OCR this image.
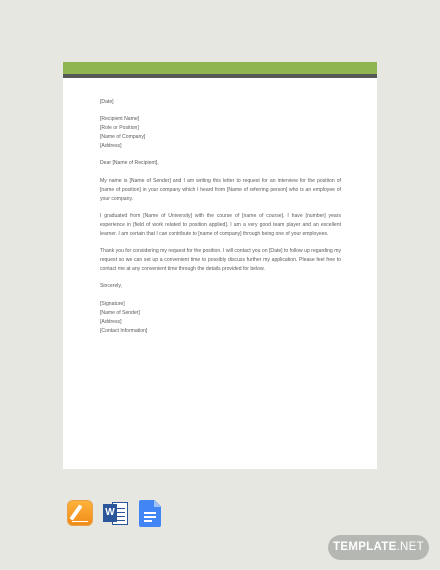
[Date]
[Recipient Name]
[Role or Position]
[Name of Company]
[Address]
Dear [Name of Recipient],
My name is [Name of Sender] and I am writing this letter to request for an interview for the position of [name of position] in your company which I heard from [Name of referring person] who is an employee of your company.
I graduated from [Name of University] with the course of [name of course]. I have [number] years experience in [field of work related to position applied]. I am a very good team player and an excellent learner. I am certain that I can contribute to [name of company] through being one of your employees.
Thank you for considering my request for the position. I will contact you on [Date] to follow up regarding my request so we can set up a convenient time to possibly discuss further my application. Please feel free to contact me at any convenient time through the details provided for below.
Sincerely,
[Signature]
[Name of Sender]
[Address]
[Contact Information]
W
TEMPLATE.NET
